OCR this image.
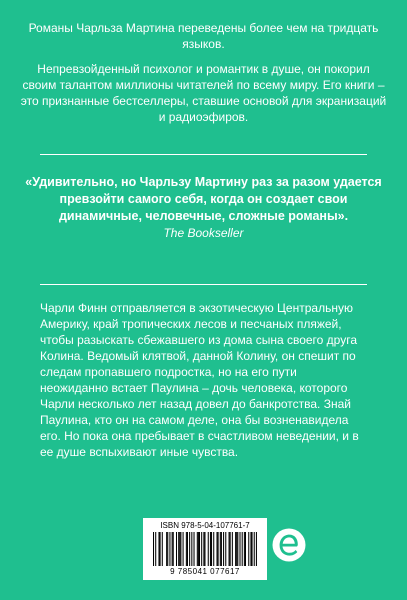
Романы Чарльза Мартина переведены более чем на тридцать языков.

Непревзойденный психолог и романтик в душе, он покорил своим талантом миллионы читателей по всему миру. Его книги – это признанные бестселлеры, ставшие основой для экранизаций и радиоэфиров.

«Удивительно, но Чарльзу Мартину раз за разом удается превзойти самого себя, когда он создает свои динамичные, человечные, сложные романы».
The Bookseller
Чарли Финн отправляется в экзотическую Центральную Америку, край тропических лесов и песчаных пляжей, чтобы разыскать сбежавшего из дома сына своего друга Колина. Ведомый клятвой, данной Колину, он спешит по следам пропавшего подростка, но на его пути неожиданно встает Паулина – дочь человека, которого Чарли несколько лет назад довел до банкротства. Знай Паулина, кто он на самом деле, она бы возненавидела его. Но пока она пребывает в счастливом неведении, и в ее душе вспыхивают иные чувства.
ISBN 978-5-04-107761-7
9 785041 077617
